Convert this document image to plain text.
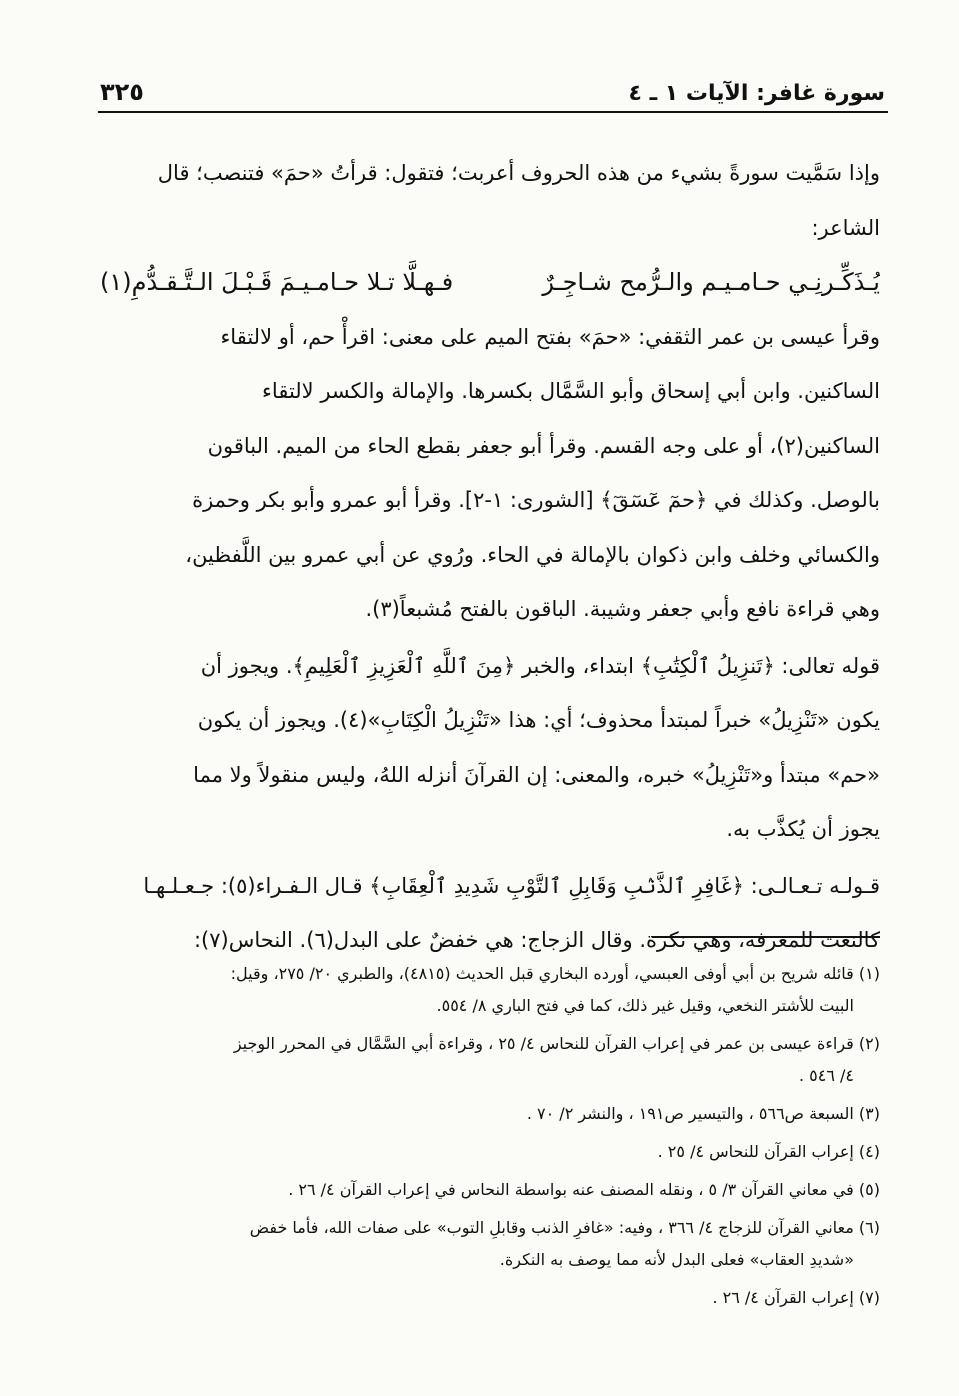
سورة غافر: الآيات ١ ـ ٤
٣٢٥
وإذا سَمَّيت سورةً بشيء من هذه الحروف أعربت؛ فتقول: قرأتُ «حمَ» فتنصب؛ قال
الشاعر:
يُـذَكِّـرنِـي حـامـيـم والـرُّمح شـاجِـرٌ
فـهـلَّا تـلا حـامـيـمَ قَـبْـلَ الـتَّـقـدُّمِ(١)
وقرأ عيسى بن عمر الثقفي: «حمَ» بفتح الميم على معنى: اقرأْ حم، أو لالتقاء
الساكنين. وابن أبي إسحاق وأبو السَّمَّال بكسرها. والإمالة والكسر لالتقاء
الساكنين(٢)، أو على وجه القسم. وقرأ أبو جعفر بقطع الحاء من الميم. الباقون
بالوصل. وكذلك في ﴿حمٓ عٓسٓقٓ﴾ [الشورى: ١-٢]. وقرأ أبو عمرو وأبو بكر وحمزة
والكسائي وخلف وابن ذكوان بالإمالة في الحاء. ورُوي عن أبي عمرو بين اللَّفظين،
وهي قراءة نافع وأبي جعفر وشيبة. الباقون بالفتح مُشبعاً(٣).
قوله تعالى: ﴿تَنزِيلُ ٱلْكِتَٰبِ﴾ ابتداء، والخبر ﴿مِنَ ٱللَّهِ ٱلْعَزِيزِ ٱلْعَلِيمِ﴾. ويجوز أن
يكون «تَنْزِيلُ» خبراً لمبتدأ محذوف؛ أي: هذا «تَنْزِيلُ الْكِتَابِ»(٤). ويجوز أن يكون
«حم» مبتدأ و«تَنْزِيلُ» خبره، والمعنى: إن القرآنَ أنزله اللهُ، وليس منقولاً ولا مما
يجوز أن يُكذَّب به.
قـولـه تـعـالـى: ﴿غَافِرِ ٱلذَّنۢبِ وَقَابِلِ ٱلتَّوْبِ شَدِيدِ ٱلْعِقَابِ﴾ قـال الـفـراء(٥): جـعـلـهـا
كالنعت للمعرفة، وهي نكرة. وقال الزجاج: هي خفضٌ على البدل(٦). النحاس(٧):
(١) قائله شريح بن أبي أوفى العبسي، أورده البخاري قبل الحديث (٤٨١٥)، والطبري ٢٠/ ٢٧٥، وقيل:
البيت للأشتر النخعي، وقيل غير ذلك، كما في فتح الباري ٨/ ٥٥٤.
(٢) قراءة عيسى بن عمر في إعراب القرآن للنحاس ٤/ ٢٥ ، وقراءة أبي السَّمَّال في المحرر الوجيز
٤/ ٥٤٦ .
(٣) السبعة ص٥٦٦ ، والتيسير ص١٩١ ، والنشر ٢/ ٧٠ .
(٤) إعراب القرآن للنحاس ٤/ ٢٥ .
(٥) في معاني القرآن ٣/ ٥ ، ونقله المصنف عنه بواسطة النحاس في إعراب القرآن ٤/ ٢٦ .
(٦) معاني القرآن للزجاج ٤/ ٣٦٦ ، وفيه: «غافرِ الذنب وقابلِ التوب» على صفات الله، فأما خفض
«شديدِ العقاب» فعلى البدل لأنه مما يوصف به النكرة.
(٧) إعراب القرآن ٤/ ٢٦ .
